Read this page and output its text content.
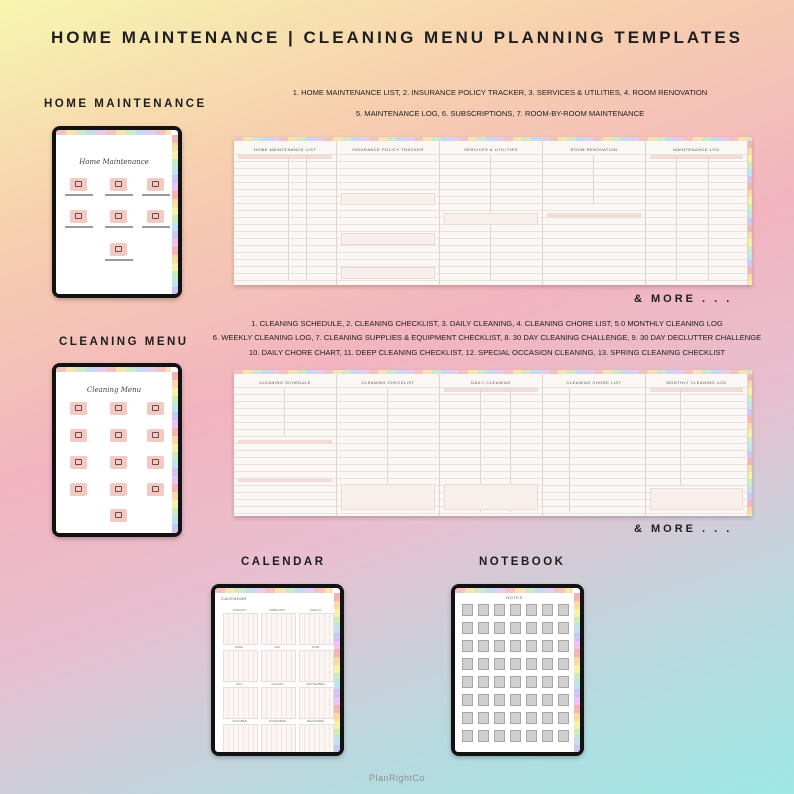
HOME MAINTENANCE | CLEANING MENU PLANNING TEMPLATES
HOME MAINTENANCE
1. HOME MAINTENANCE LIST, 2. INSURANCE POLICY TRACKER, 3. SERVICES & UTILITIES, 4. ROOM RENOVATION
5. MAINTENANCE LOG, 6. SUBSCRIPTIONS, 7. ROOM-BY-ROOM MAINTENANCE
Home Maintenance
HOME MAINTENANCE LIST	INSURANCE POLICY TRACKER	SERVICES & UTILITIES	ROOM RENOVATION	MAINTENANCE LOG
& MORE . . .
CLEANING MENU
1. CLEANING SCHEDULE, 2. CLEANING CHECKLIST, 3. DAILY CLEANING, 4. CLEANING CHORE LIST, 5.0 MONTHLY CLEANING LOG
6. WEEKLY CLEANING LOG, 7. CLEANING SUPPLIES & EQUIPMENT CHECKLIST, 8. 30 DAY CLEANING CHALLENGE, 9. 30 DAY DECLUTTER CHALLENGE
10. DAILY CHORE CHART, 11. DEEP CLEANING CHECKLIST, 12. SPECIAL OCCASION CLEANING, 13. SPRING CLEANING CHECKLIST
Cleaning Menu
CLEANING SCHEDULE	CLEANING CHECKLIST	DAILY CLEANING	CLEANING CHORE LIST	MONTHLY CLEANING LOG
& MORE . . .
CALENDAR
CALENDAR
JANUARY	FEBRUARY	MARCH
APRIL	MAY	JUNE
JULY	AUGUST	SEPTEMBER
OCTOBER	NOVEMBER	DECEMBER
NOTEBOOK
NOTES
PlanRightCo
